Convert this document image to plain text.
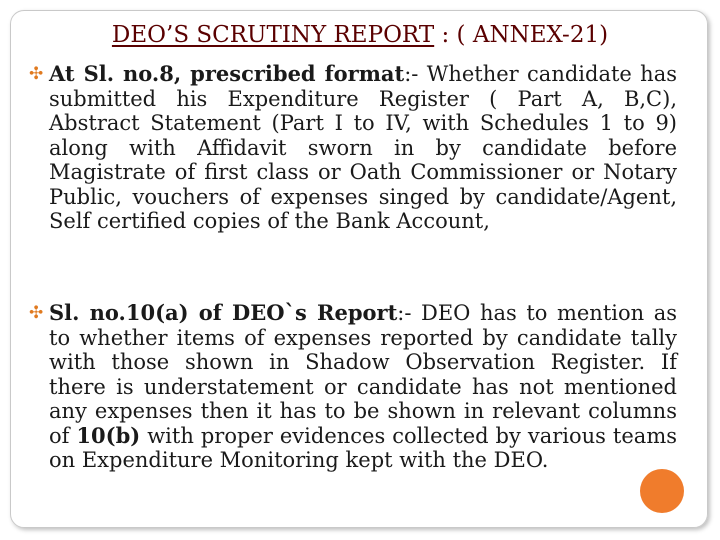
DEO’S SCRUTINY REPORT : ( ANNEX-21)
✣ At Sl. no.8, prescribed format:- Whether candidate has submitted his Expenditure Register ( Part A, B,C), Abstract Statement (Part I to IV, with Schedules 1 to 9) along with Affidavit sworn in by candidate before Magistrate of first class or Oath Commissioner or Notary Public, vouchers of expenses singed by candidate/Agent, Self certified copies of the Bank Account,
✣ Sl. no.10(a) of DEO`s Report:- DEO has to mention as to whether items of expenses reported by candidate tally with those shown in Shadow Observation Register. If there is understatement or candidate has not mentioned any expenses then it has to be shown in relevant columns of 10(b) with proper evidences collected by various teams on Expenditure Monitoring kept with the DEO.
